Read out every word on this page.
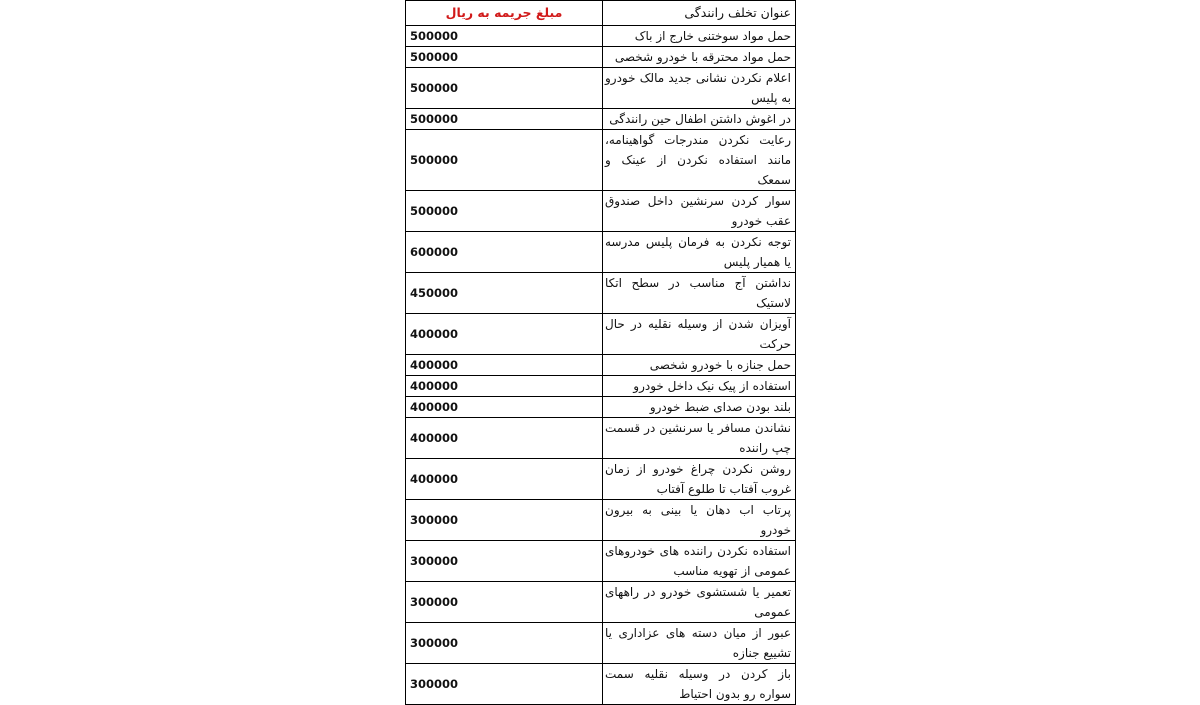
عنوان تخلف رانندگی	مبلغ جریمه به ریال
حمل مواد سوختنی خارج از باک	500000
حمل مواد محترقه با خودرو شخصی	500000
اعلام نکردن نشانی جدید مالک خودرو به پلیس	500000
در اغوش داشتن اطفال حین رانندگی	500000
رعایت نکردن مندرجات گواهینامه، مانند استفاده نکردن از عینک و سمعک	500000
سوار کردن سرنشین داخل صندوق عقب خودرو	500000
توجه نکردن به فرمان پلیس مدرسه یا همیار پلیس	600000
نداشتن آج مناسب در سطح اتکا لاستیک	450000
آویزان شدن از وسیله نقلیه در حال حرکت	400000
حمل جنازه با خودرو شخصی	400000
استفاده از پیک نیک داخل خودرو	400000
بلند بودن صدای ضبط خودرو	400000
نشاندن مسافر یا سرنشین در قسمت چپ راننده	400000
روشن نکردن چراغ خودرو از زمان غروب آفتاب تا طلوع آفتاب	400000
پرتاب اب دهان یا بینی به بیرون خودرو	300000
استفاده نکردن راننده های خودروهای عمومی از تهویه مناسب	300000
تعمیر یا شستشوی خودرو در راههای عمومی	300000
عبور از میان دسته های عزاداری یا تشییع جنازه	300000
باز کردن در وسیله نقلیه سمت سواره رو بدون احتیاط	300000
